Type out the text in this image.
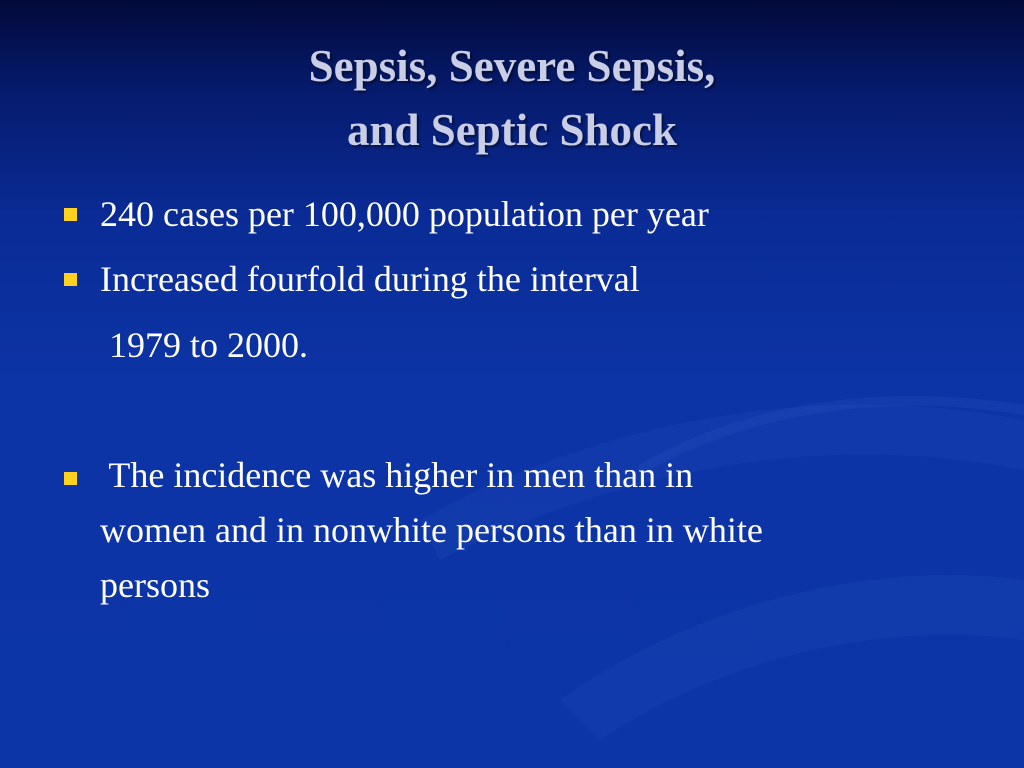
Sepsis, Severe Sepsis,
and Septic Shock
240 cases per 100,000 population per year
Increased fourfold during the interval
1979 to 2000.
The incidence was higher in men than in
women and in nonwhite persons than in white
persons
